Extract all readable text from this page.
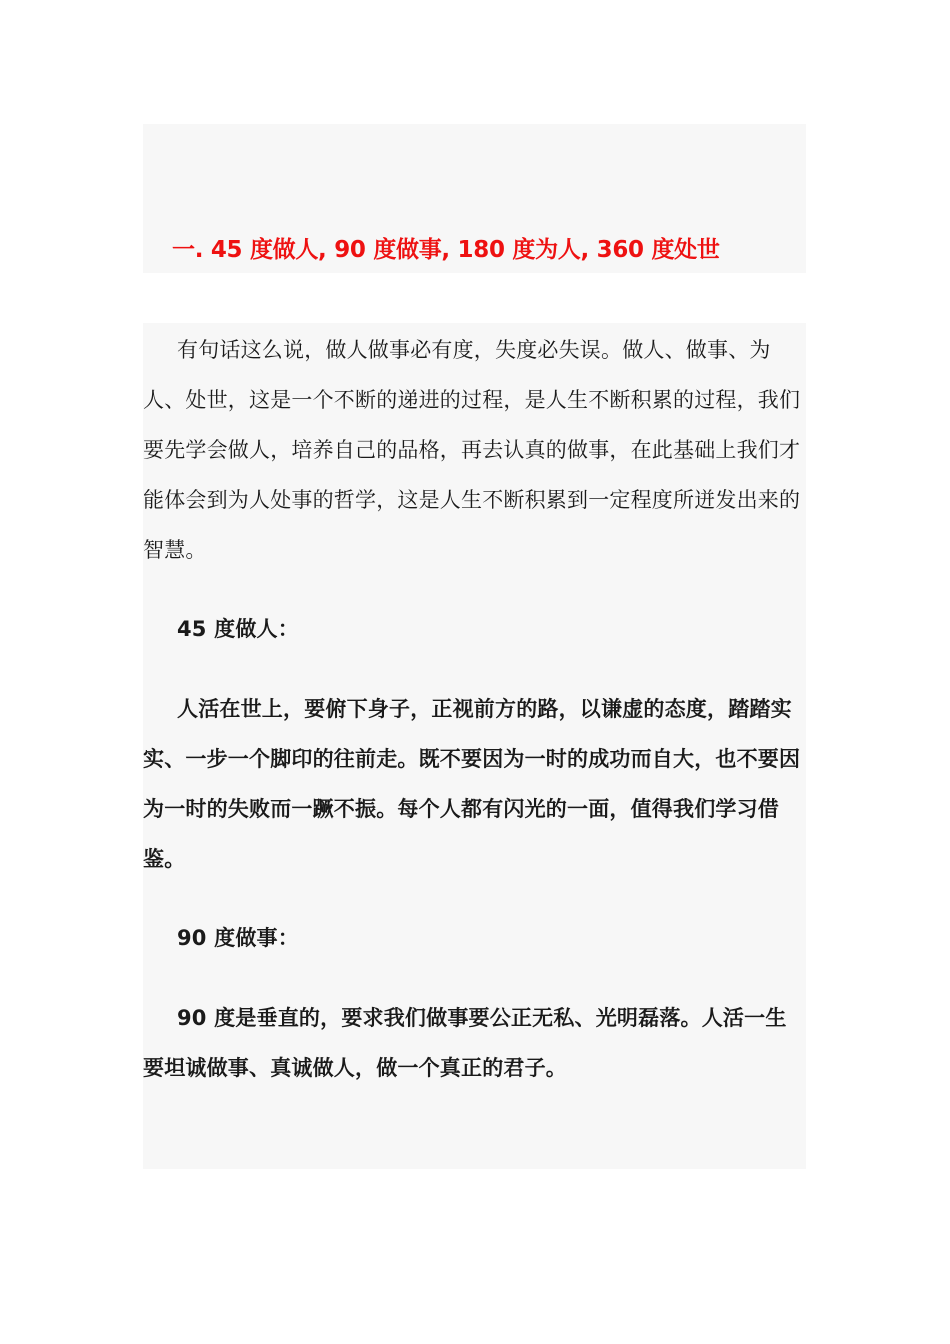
一. 45 度做人, 90 度做事, 180 度为人, 360 度处世

有句话这么说，做人做事必有度，失度必失误。做人、做事、为人、处世，这是一个不断的递进的过程，是人生不断积累的过程，我们要先学会做人，培养自己的品格，再去认真的做事，在此基础上我们才能体会到为人处事的哲学，这是人生不断积累到一定程度所迸发出来的智慧。

45 度做人：

人活在世上，要俯下身子，正视前方的路，以谦虚的态度，踏踏实实、一步一个脚印的往前走。既不要因为一时的成功而自大，也不要因为一时的失败而一蹶不振。每个人都有闪光的一面，值得我们学习借鉴。

90 度做事：

90 度是垂直的，要求我们做事要公正无私、光明磊落。人活一生要坦诚做事、真诚做人，做一个真正的君子。
